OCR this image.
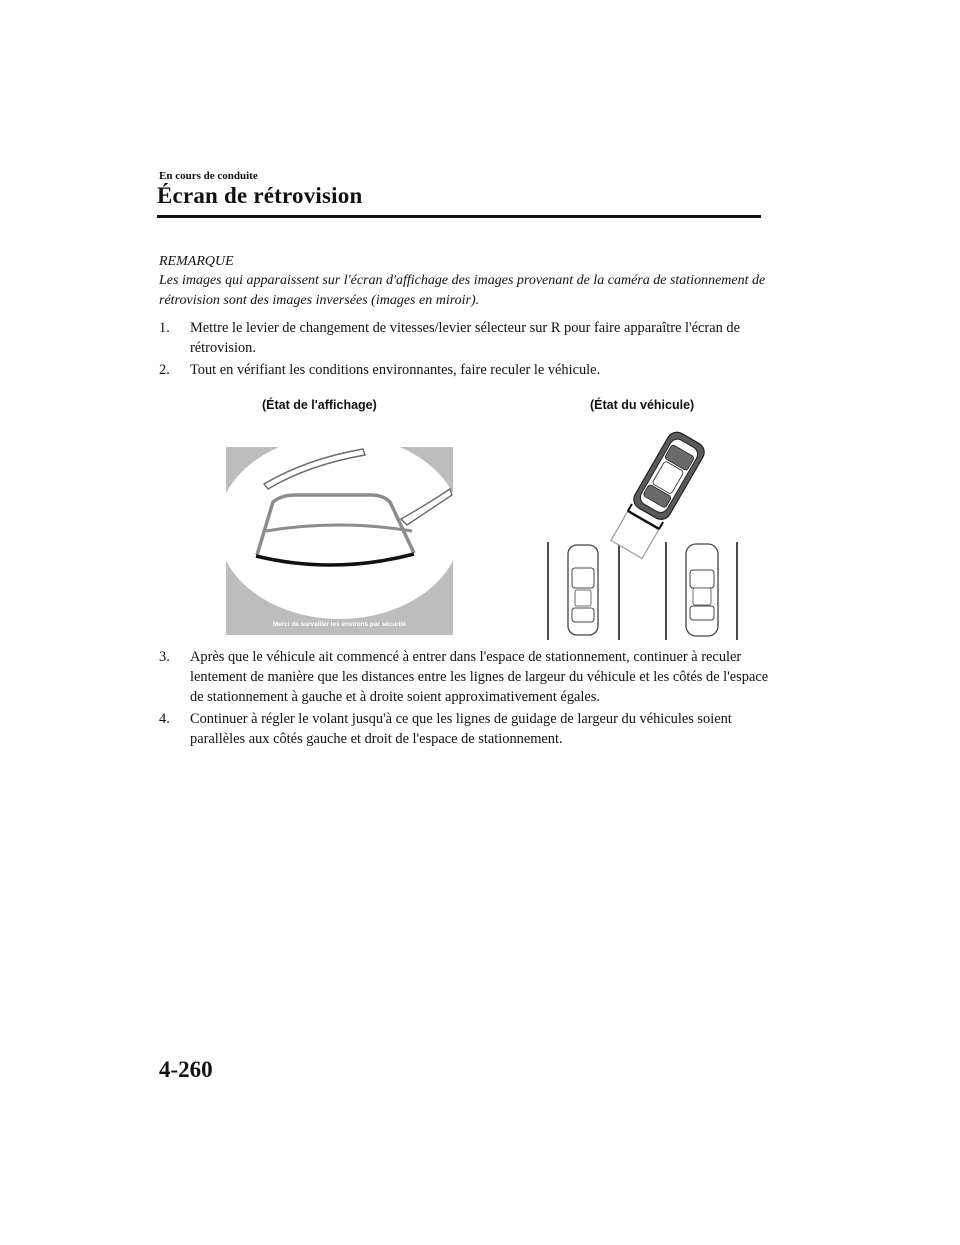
En cours de conduite
Écran de rétrovision
REMARQUE
Les images qui apparaissent sur l'écran d'affichage des images provenant de la caméra de stationnement de rétrovision sont des images inversées (images en miroir).
1. Mettre le levier de changement de vitesses/levier sélecteur sur R pour faire apparaître l'écran de rétrovision.
2. Tout en vérifiant les conditions environnantes, faire reculer le véhicule.
(État de l'affichage)	(État du véhicule)
Merci de surveiller les environs par sécurité
3. Après que le véhicule ait commencé à entrer dans l'espace de stationnement, continuer à reculer lentement de manière que les distances entre les lignes de largeur du véhicule et les côtés de l'espace de stationnement à gauche et à droite soient approximativement égales.
4. Continuer à régler le volant jusqu'à ce que les lignes de guidage de largeur du véhicules soient parallèles aux côtés gauche et droit de l'espace de stationnement.
4-260
